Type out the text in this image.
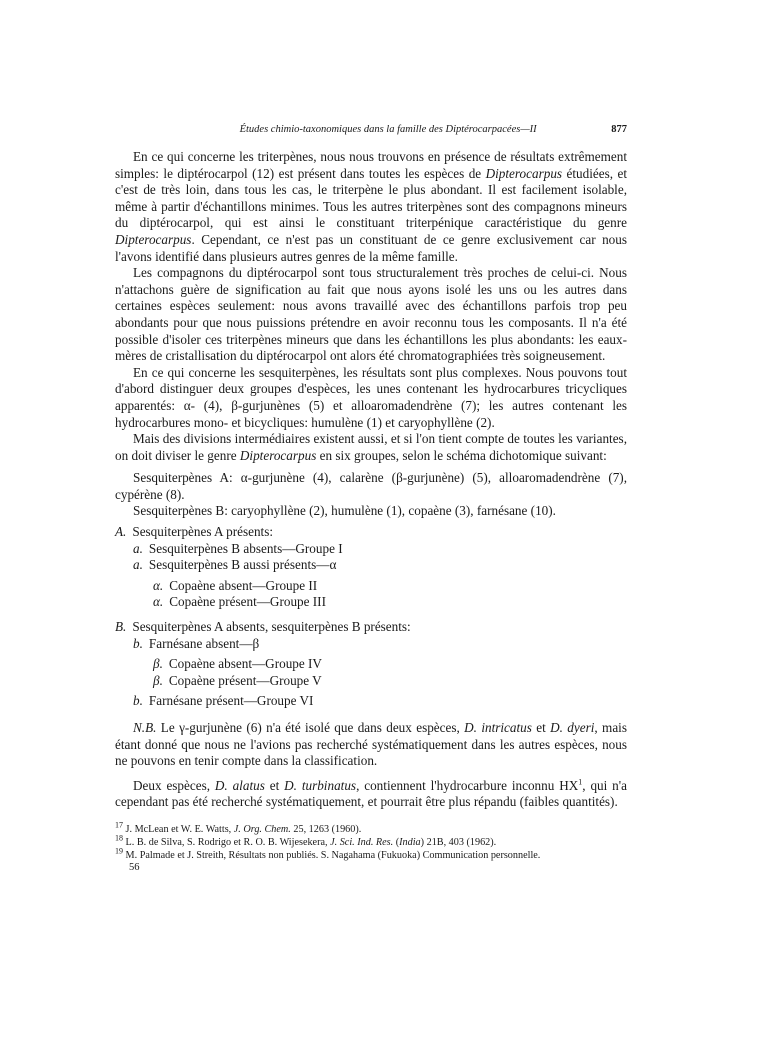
Études chimio-taxonomiques dans la famille des Diptérocarpacées—II	877

En ce qui concerne les triterpènes, nous nous trouvons en présence de résultats extrêmement simples: le diptérocarpol (12) est présent dans toutes les espèces de Dipterocarpus étudiées, et c'est de très loin, dans tous les cas, le triterpène le plus abondant. Il est facilement isolable, même à partir d'échantillons minimes. Tous les autres triterpènes sont des compagnons mineurs du diptérocarpol, qui est ainsi le constituant triterpénique caractéristique du genre Dipterocarpus. Cependant, ce n'est pas un constituant de ce genre exclusivement car nous l'avons identifié dans plusieurs autres genres de la même famille.

Les compagnons du diptérocarpol sont tous structuralement très proches de celui-ci. Nous n'attachons guère de signification au fait que nous ayons isolé les uns ou les autres dans certaines espèces seulement: nous avons travaillé avec des échantillons parfois trop peu abondants pour que nous puissions prétendre en avoir reconnu tous les composants. Il n'a été possible d'isoler ces triterpènes mineurs que dans les échantillons les plus abondants: les eaux-mères de cristallisation du diptérocarpol ont alors été chromatographiées très soigneusement.

En ce qui concerne les sesquiterpènes, les résultats sont plus complexes. Nous pouvons tout d'abord distinguer deux groupes d'espèces, les unes contenant les hydrocarbures tricycliques apparentés: α- (4), β-gurjunènes (5) et alloaromadendrène (7); les autres contenant les hydrocarbures mono- et bicycliques: humulène (1) et caryophyllène (2).

Mais des divisions intermédiaires existent aussi, et si l'on tient compte de toutes les variantes, on doit diviser le genre Dipterocarpus en six groupes, selon le schéma dichotomique suivant:

Sesquiterpènes A: α-gurjunène (4), calarène (β-gurjunène) (5), alloaromadendrène (7), cypérène (8).

Sesquiterpènes B: caryophyllène (2), humulène (1), copaène (3), farnésane (10).

A. Sesquiterpènes A présents:
a. Sesquiterpènes B absents—Groupe I
a. Sesquiterpènes B aussi présents—α
α. Copaène absent—Groupe II
α. Copaène présent—Groupe III
B. Sesquiterpènes A absents, sesquiterpènes B présents:
b. Farnésane absent—β
β. Copaène absent—Groupe IV
β. Copaène présent—Groupe V
b. Farnésane présent—Groupe VI

N.B. Le γ-gurjunène (6) n'a été isolé que dans deux espèces, D. intricatus et D. dyeri, mais étant donné que nous ne l'avions pas recherché systématiquement dans les autres espèces, nous ne pouvons en tenir compte dans la classification.

Deux espèces, D. alatus et D. turbinatus, contiennent l'hydrocarbure inconnu $HX^1$, qui n'a cependant pas été recherché systématiquement, et pourrait être plus répandu (faibles quantités).

$^{17}$ J. McLean et W. E. Watts, J. Org. Chem. 25, 1263 (1960).
$^{18}$ L. B. de Silva, S. Rodrigo et R. O. B. Wijesekera, J. Sci. Ind. Res. (India) 21B, 403 (1962).
$^{19}$ M. Palmade et J. Streith, Résultats non publiés. S. Nagahama (Fukuoka) Communication personnelle.
56
